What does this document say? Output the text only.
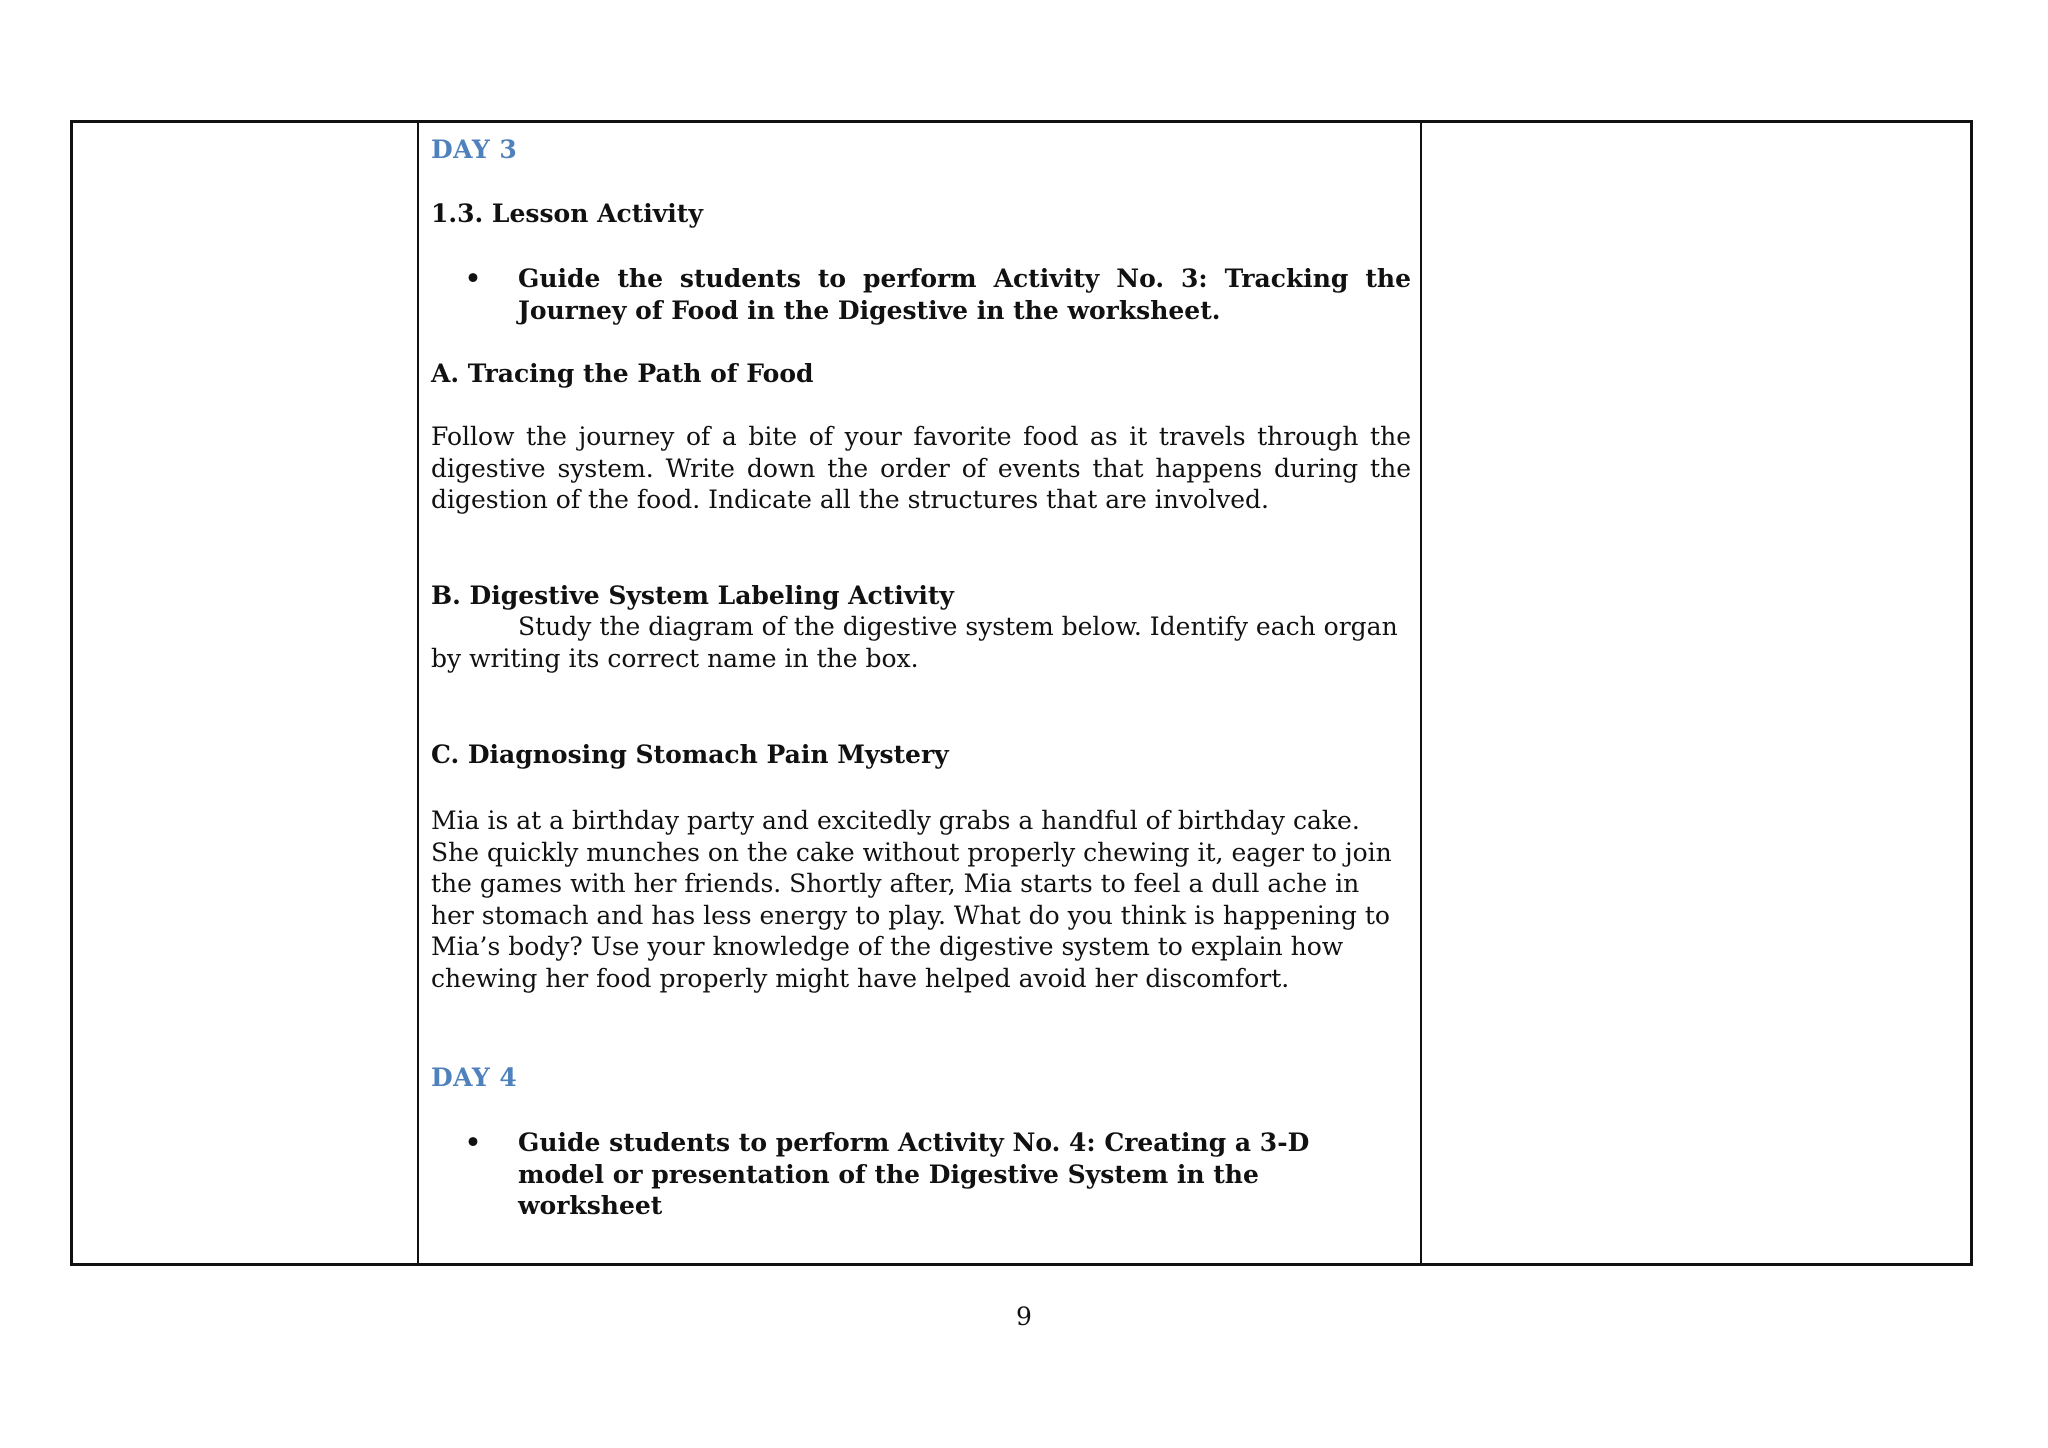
DAY 3
1.3. Lesson Activity
• Guide the students to perform Activity No. 3: Tracking the Journey of Food in the Digestive in the worksheet.
A. Tracing the Path of Food
Follow the journey of a bite of your favorite food as it travels through the digestive system. Write down the order of events that happens during the digestion of the food. Indicate all the structures that are involved.
B. Digestive System Labeling Activity
Study the diagram of the digestive system below. Identify each organ by writing its correct name in the box.
C. Diagnosing Stomach Pain Mystery
Mia is at a birthday party and excitedly grabs a handful of birthday cake. She quickly munches on the cake without properly chewing it, eager to join the games with her friends. Shortly after, Mia starts to feel a dull ache in her stomach and has less energy to play. What do you think is happening to Mia’s body? Use your knowledge of the digestive system to explain how chewing her food properly might have helped avoid her discomfort.
DAY 4
• Guide students to perform Activity No. 4: Creating a 3-D model or presentation of the Digestive System in the worksheet
9
